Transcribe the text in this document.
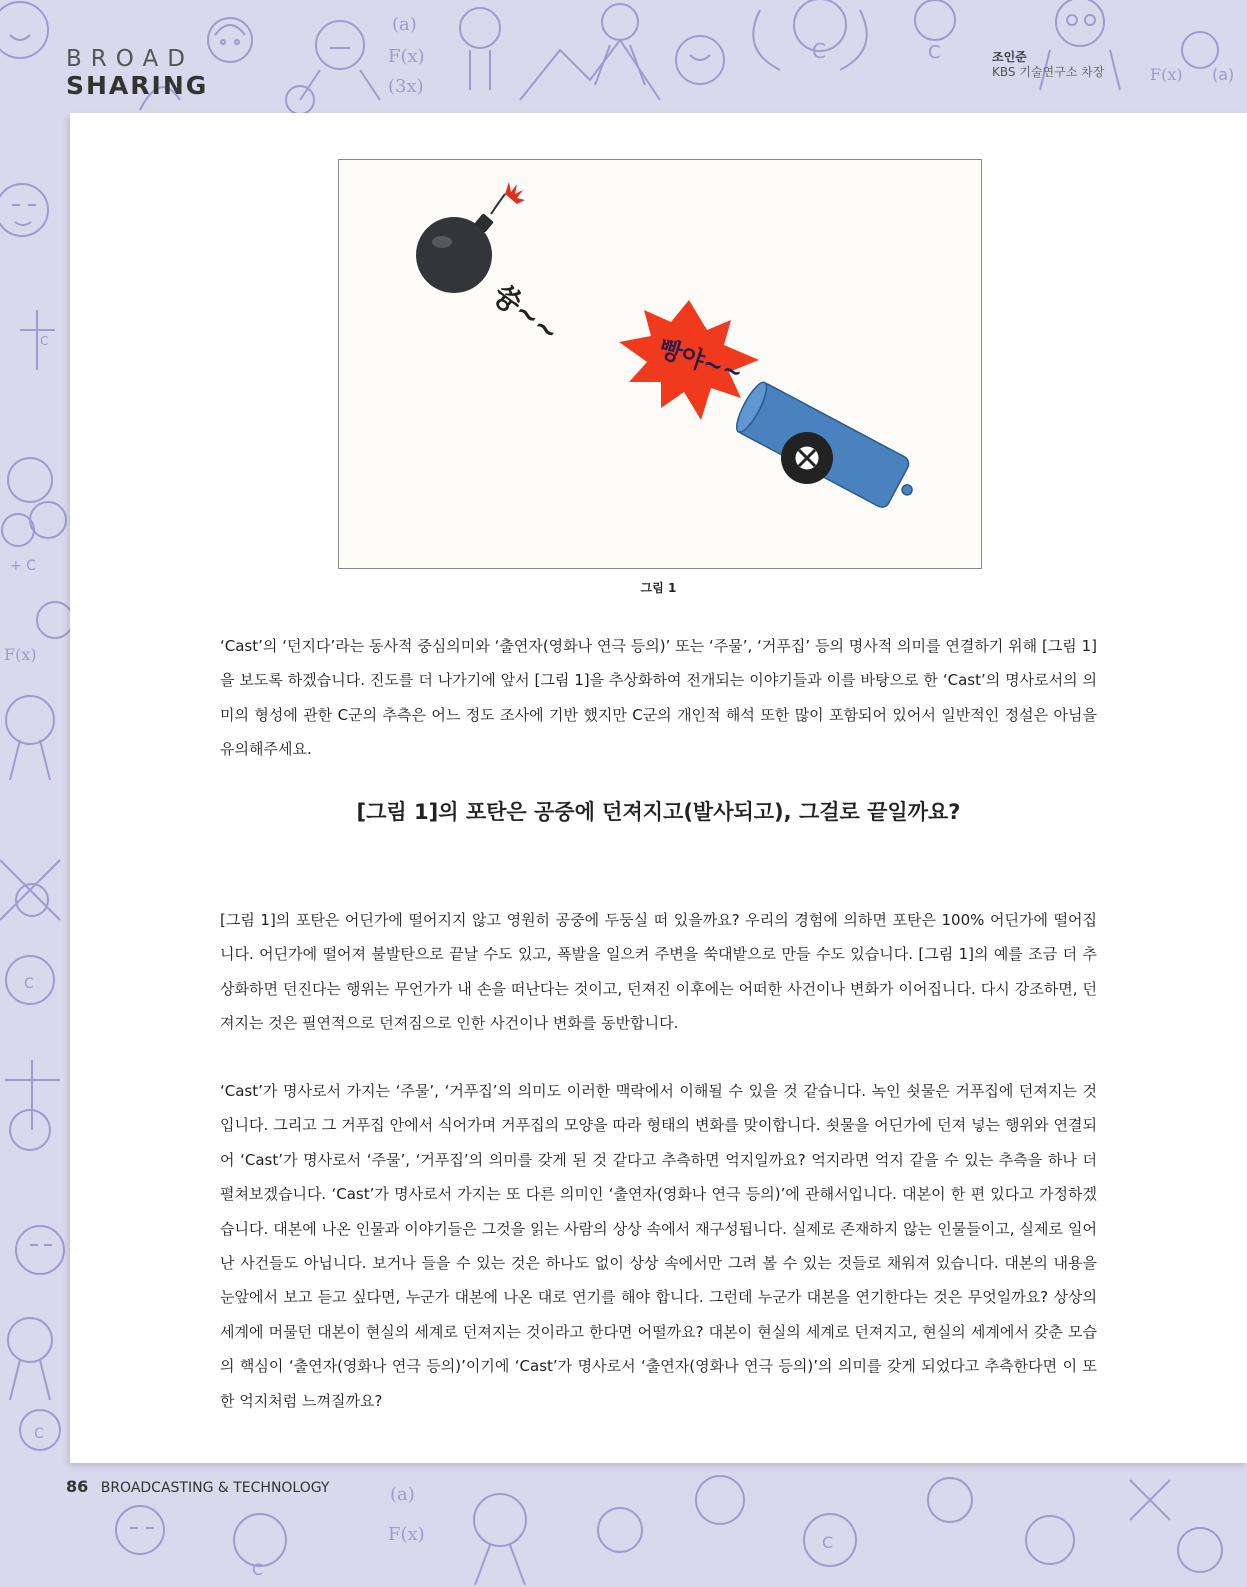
(a)
F(x)
(3x)
C	C
F(x) (a)
C
+ C
F(x)
C
C
C
(a)
F(x)	C
BROAD
SHARING
조인준
KBS 기술연구소 차장
쓩~~
빵야~~
그림 1

‘Cast’의 ‘던지다’라는 동사적 중심의미와 ‘출연자(영화나 연극 등의)’ 또는 ‘주물’, ‘거푸집’ 등의 명사적 의미를 연결하기 위해 [그림 1]을 보도록 하겠습니다. 진도를 더 나가기에 앞서 [그림 1]을 추상화하여 전개되는 이야기들과 이를 바탕으로 한 ‘Cast’의 명사로서의 의미의 형성에 관한 C군의 추측은 어느 정도 조사에 기반 했지만 C군의 개인적 해석 또한 많이 포함되어 있어서 일반적인 정설은 아님을 유의해주세요.

[그림 1]의 포탄은 공중에 던져지고(발사되고), 그걸로 끝일까요?

[그림 1]의 포탄은 어딘가에 떨어지지 않고 영원히 공중에 두둥실 떠 있을까요? 우리의 경험에 의하면 포탄은 100% 어딘가에 떨어집니다. 어딘가에 떨어져 불발탄으로 끝날 수도 있고, 폭발을 일으켜 주변을 쑥대밭으로 만들 수도 있습니다. [그림 1]의 예를 조금 더 추상화하면 던진다는 행위는 무언가가 내 손을 떠난다는 것이고, 던져진 이후에는 어떠한 사건이나 변화가 이어집니다. 다시 강조하면, 던져지는 것은 필연적으로 던져짐으로 인한 사건이나 변화를 동반합니다.

‘Cast’가 명사로서 가지는 ‘주물’, ‘거푸집’의 의미도 이러한 맥락에서 이해될 수 있을 것 같습니다. 녹인 쇳물은 거푸집에 던져지는 것입니다. 그리고 그 거푸집 안에서 식어가며 거푸집의 모양을 따라 형태의 변화를 맞이합니다. 쇳물을 어딘가에 던져 넣는 행위와 연결되어 ‘Cast’가 명사로서 ‘주물’, ‘거푸집’의 의미를 갖게 된 것 같다고 추측하면 억지일까요? 억지라면 억지 같을 수 있는 추측을 하나 더 펼쳐보겠습니다. ‘Cast’가 명사로서 가지는 또 다른 의미인 ‘출연자(영화나 연극 등의)’에 관해서입니다. 대본이 한 편 있다고 가정하겠습니다. 대본에 나온 인물과 이야기들은 그것을 읽는 사람의 상상 속에서 재구성됩니다. 실제로 존재하지 않는 인물들이고, 실제로 일어난 사건들도 아닙니다. 보거나 들을 수 있는 것은 하나도 없이 상상 속에서만 그려 볼 수 있는 것들로 채워져 있습니다. 대본의 내용을 눈앞에서 보고 듣고 싶다면, 누군가 대본에 나온 대로 연기를 해야 합니다. 그런데 누군가 대본을 연기한다는 것은 무엇일까요? 상상의 세계에 머물던 대본이 현실의 세계로 던져지는 것이라고 한다면 어떨까요? 대본이 현실의 세계로 던져지고, 현실의 세계에서 갖춘 모습의 핵심이 ‘출연자(영화나 연극 등의)’이기에 ‘Cast’가 명사로서 ‘출연자(영화나 연극 등의)’의 의미를 갖게 되었다고 추측한다면 이 또한 억지처럼 느껴질까요?

86 BROADCASTING & TECHNOLOGY
